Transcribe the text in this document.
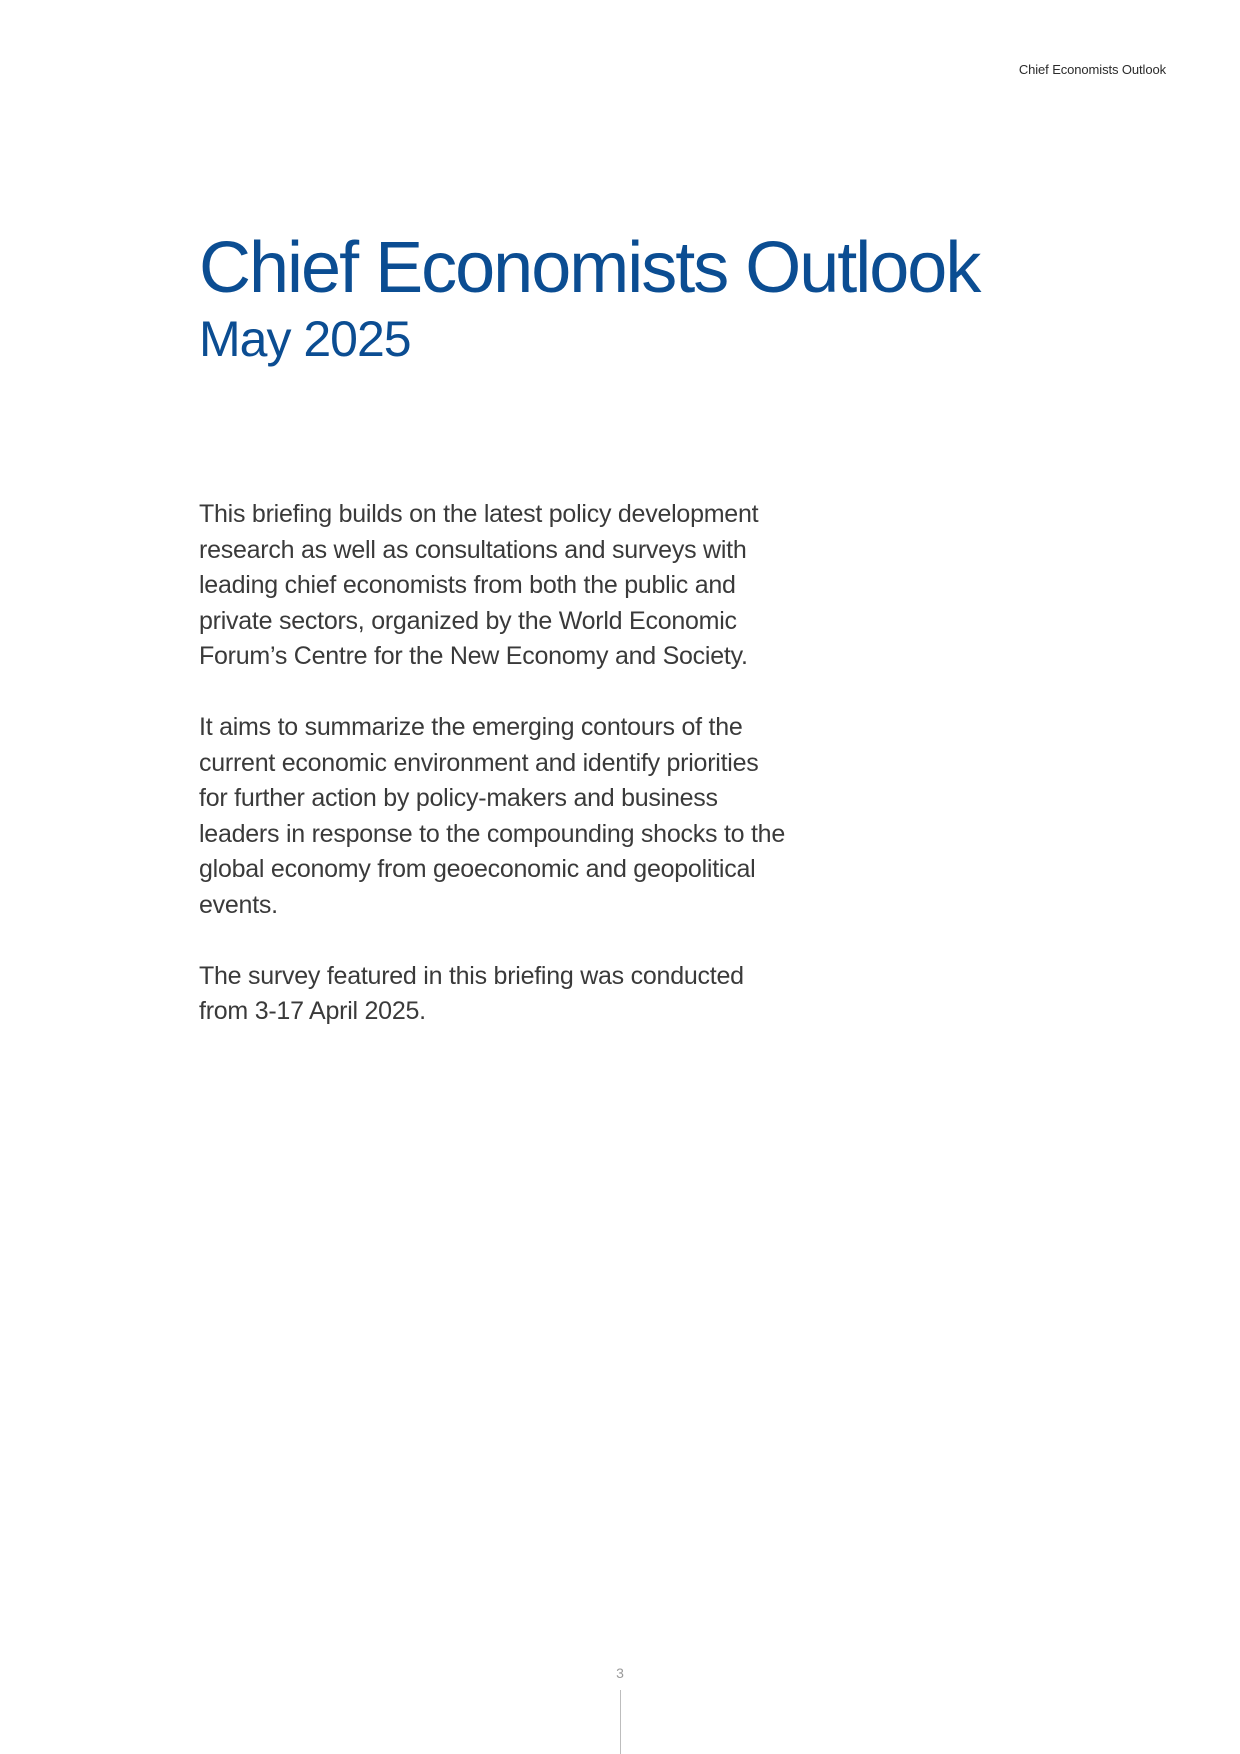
Chief Economists Outlook
Chief Economists Outlook
May 2025

This briefing builds on the latest policy development research as well as consultations and surveys with leading chief economists from both the public and private sectors, organized by the World Economic Forum’s Centre for the New Economy and Society.

It aims to summarize the emerging contours of the current economic environment and identify priorities for further action by policy-makers and business leaders in response to the compounding shocks to the global economy from geoeconomic and geopolitical events.

The survey featured in this briefing was conducted from 3-17 April 2025.

3
